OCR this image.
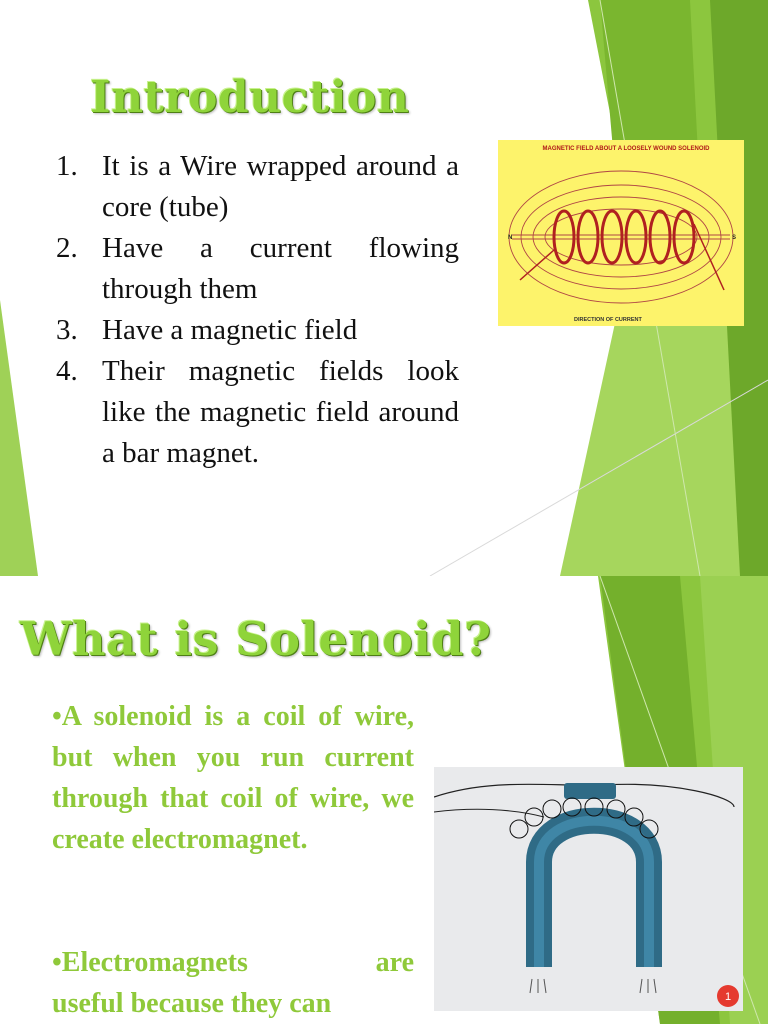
Introduction
1. It is a Wire wrapped around a core (tube)
2. Have a current flowing through them
3. Have a magnetic field
4. Their magnetic fields look like the magnetic field around a bar magnet.
MAGNETIC FIELD ABOUT A LOOSELY WOUND SOLENOID
N	S
DIRECTION OF CURRENT
What is Solenoid?

•A solenoid is a coil of wire, but when you run current through that coil of wire, we create electromagnet.

•Electromagnets	are
useful because they can	1
